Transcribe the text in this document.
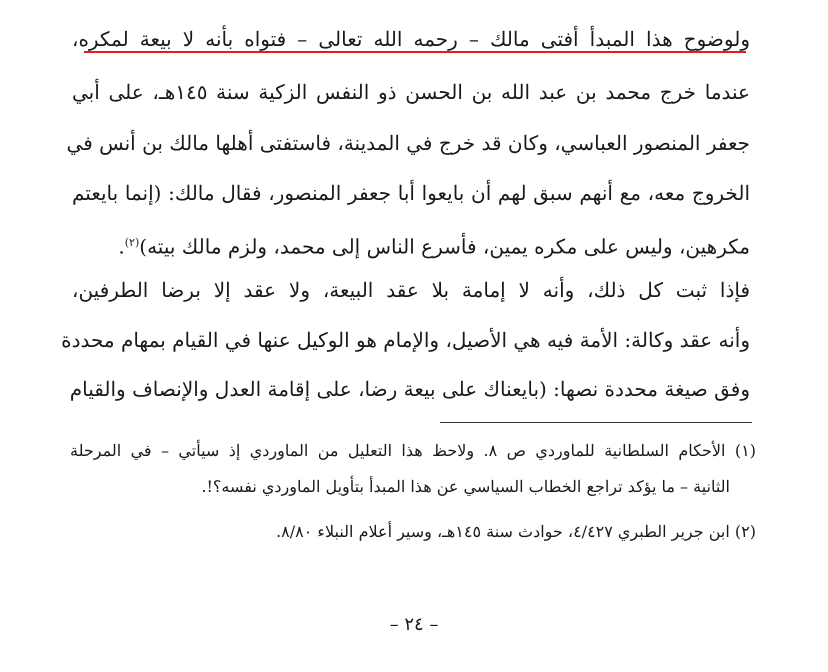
ولوضوح هذا المبدأ أفتى مالك – رحمه الله تعالى – فتواه بأنه لا بيعة لمكره،
عندما خرج محمد بن عبد الله بن الحسن ذو النفس الزكية سنة ١٤٥هـ، على أبي
جعفر المنصور العباسي، وكان قد خرج في المدينة، فاستفتى أهلها مالك بن أنس في
الخروج معه، مع أنهم سبق لهم أن بايعوا أبا جعفر المنصور، فقال مالك: (إنما بايعتم
مكرهين، وليس على مكره يمين، فأسرع الناس إلى محمد، ولزم مالك بيته)$^{(٢)}$.
فإذا ثبت كل ذلك، وأنه لا إمامة بلا عقد البيعة، ولا عقد إلا برضا الطرفين،
وأنه عقد وكالة: الأمة فيه هي الأصيل، والإمام هو الوكيل عنها في القيام بمهام محددة
وفق صيغة محددة نصها: (بايعناك على بيعة رضا، على إقامة العدل والإنصاف والقيام
(١) الأحكام السلطانية للماوردي ص ٨. ولاحظ هذا التعليل من الماوردي إذ سيأتي – في المرحلة
الثانية – ما يؤكد تراجع الخطاب السياسي عن هذا المبدأ بتأويل الماوردي نفسه؟!.
(٢) ابن جرير الطبري ٤/٤٢٧، حوادث سنة ١٤٥هـ، وسير أعلام النبلاء ٨/٨٠.
– ٢٤ –
